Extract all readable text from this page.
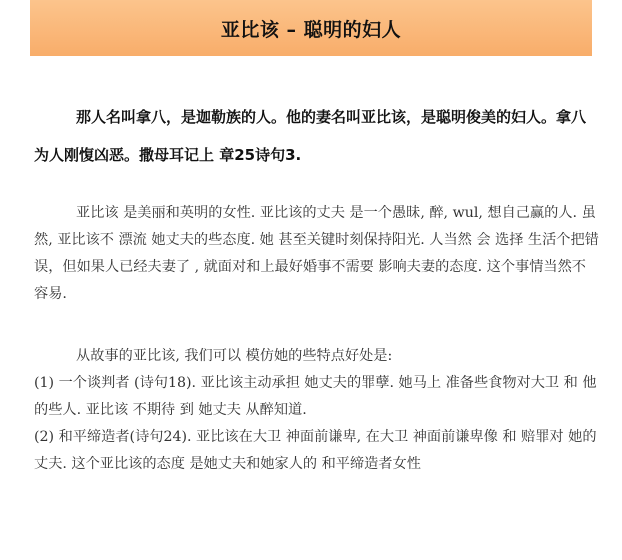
亚比该 – 聪明的妇人

那人名叫拿八，是迦勒族的人。他的妻名叫亚比该，是聪明俊美的妇人。拿八为人刚愎凶恶。撒母耳记上 章25诗句3.

亚比该 是美丽和英明的女性. 亚比该的丈夫 是一个愚昧, 醉, wul, 想自己赢的人. 虽然, 亚比该不 漂流 她丈夫的些态度. 她 甚至关键时刻保持阳光. 人当然 会 选择 生活个把错误，但如果人已经夫妻了 , 就面对和上最好婚事不需要 影响夫妻的态度. 这个事情当然不容易.

从故事的亚比该, 我们可以 模仿她的些特点好处是:

(1) 一个谈判者 (诗句18). 亚比该主动承担 她丈夫的罪孽. 她马上 准备些食物对大卫 和 他的些人. 亚比该 不期待 到 她丈夫 从醉知道.
(2) 和平缔造者(诗句24). 亚比该在大卫 神面前谦卑, 在大卫 神面前谦卑像 和 赔罪对 她的丈夫. 这个亚比该的态度 是她丈夫和她家人的 和平缔造者女性
